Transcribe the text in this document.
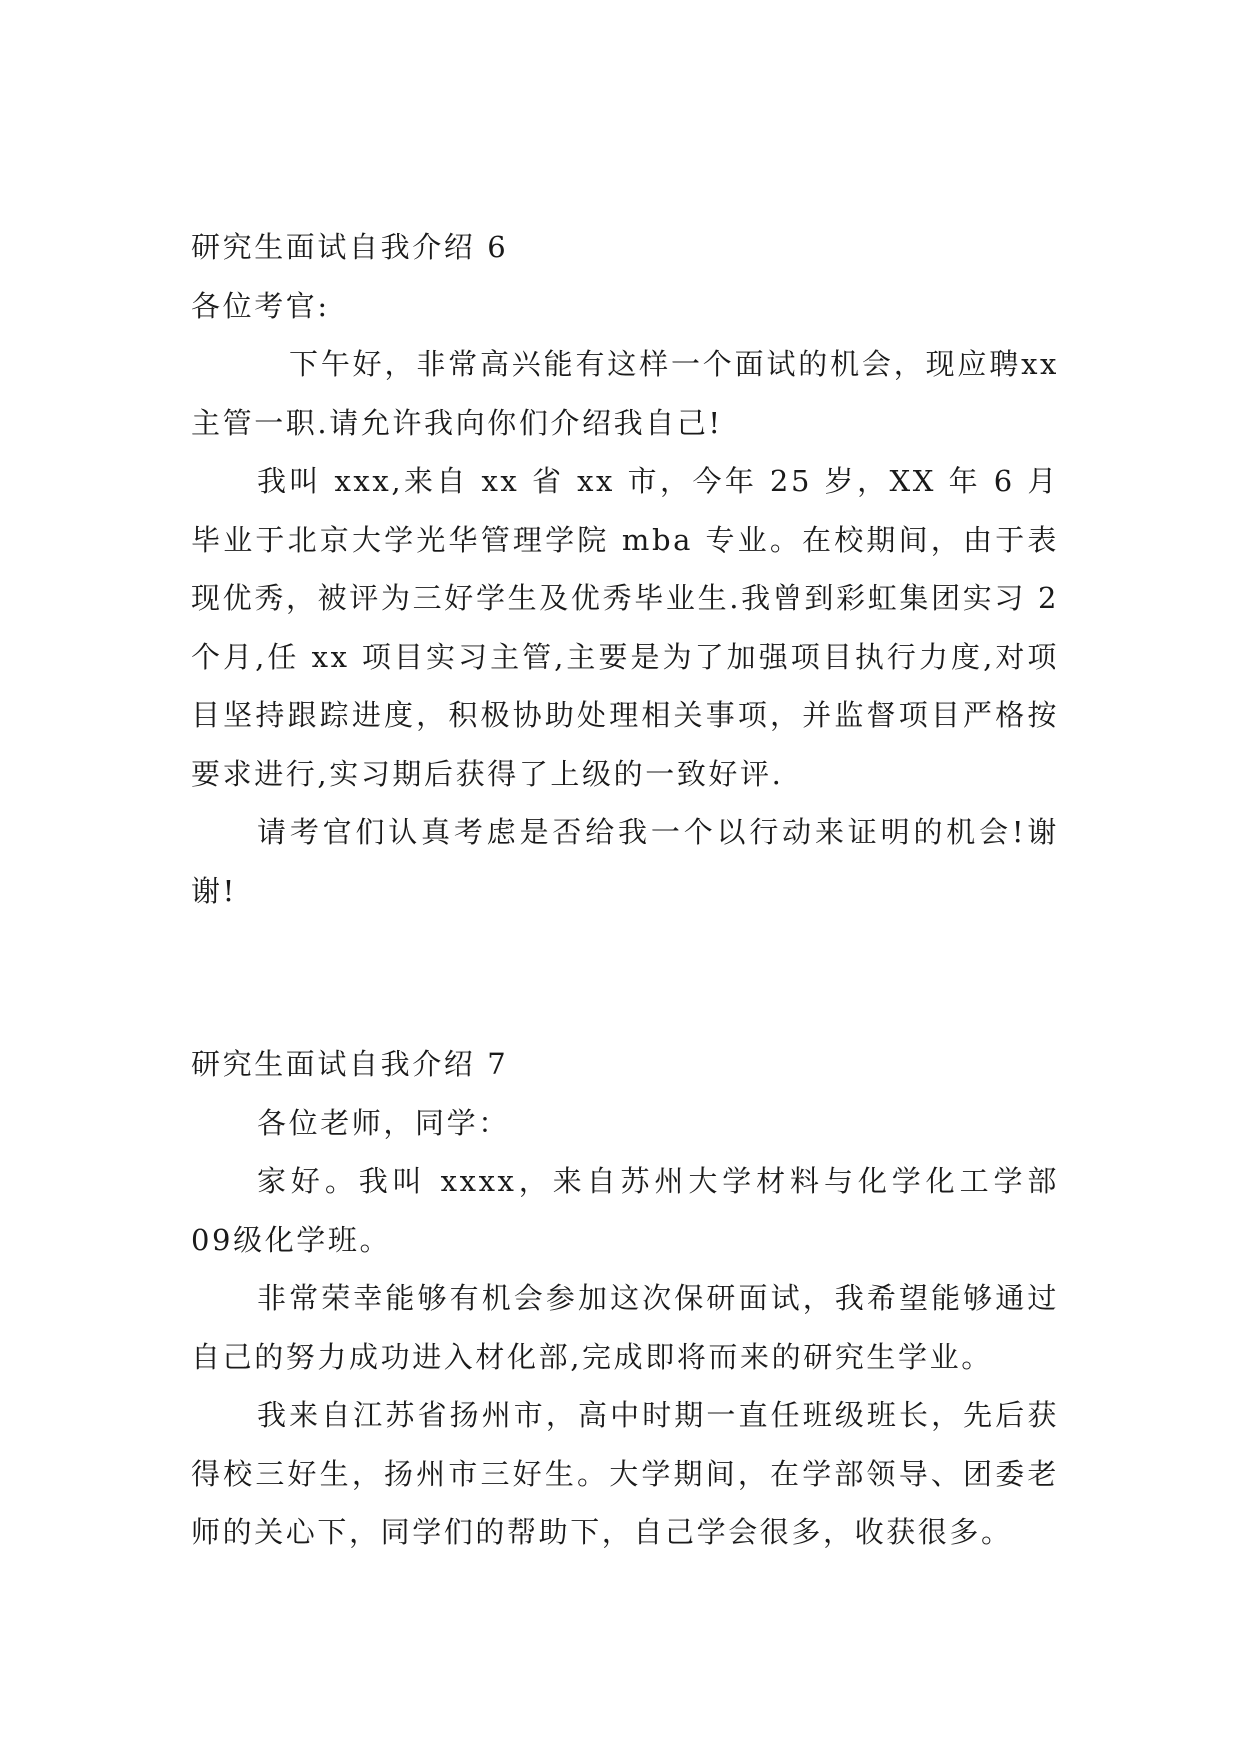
研究生面试自我介绍 6

各位考官:

下午好，非常高兴能有这样一个面试的机会，现应聘xx 主管一职.请允许我向你们介绍我自己!

我叫 xxx,来自 xx 省 xx 市，今年 25 岁，XX 年 6 月毕业于北京大学光华管理学院 mba 专业。在校期间，由于表现优秀，被评为三好学生及优秀毕业生.我曾到彩虹集团实习 2 个月,任 xx 项目实习主管,主要是为了加强项目执行力度,对项目坚持跟踪进度，积极协助处理相关事项，并监督项目严格按要求进行,实习期后获得了上级的一致好评.

请考官们认真考虑是否给我一个以行动来证明的机会!谢谢!

研究生面试自我介绍 7

各位老师，同学：

家好。我叫 xxxx，来自苏州大学材料与化学化工学部 09级化学班。

非常荣幸能够有机会参加这次保研面试，我希望能够通过自己的努力成功进入材化部,完成即将而来的研究生学业。

我来自江苏省扬州市，高中时期一直任班级班长，先后获得校三好生，扬州市三好生。大学期间，在学部领导、团委老师的关心下，同学们的帮助下，自己学会很多，收获很多。
